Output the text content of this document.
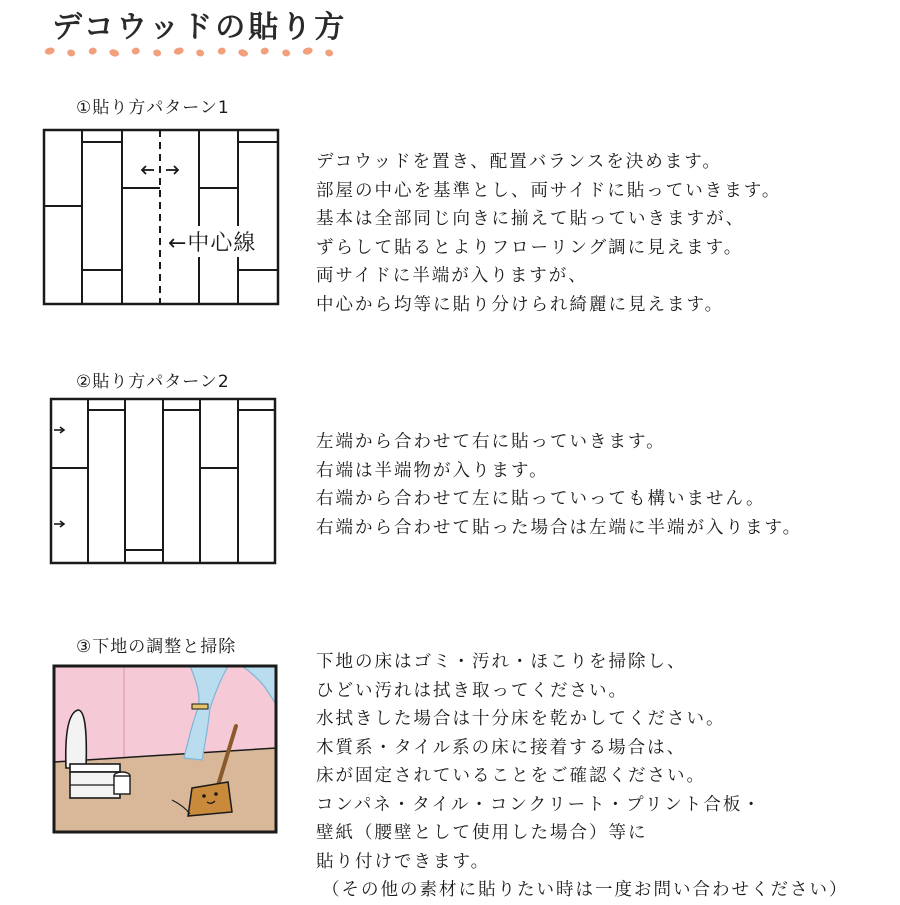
デコウッドの貼り方
①貼り方パターン1
←中心線
デコウッドを置き、配置バランスを決めます。
部屋の中心を基準とし、両サイドに貼っていきます。
基本は全部同じ向きに揃えて貼っていきますが、
ずらして貼るとよりフローリング調に見えます。
両サイドに半端が入りますが、
中心から均等に貼り分けられ綺麗に見えます。
②貼り方パターン2
左端から合わせて右に貼っていきます。
右端は半端物が入ります。
右端から合わせて左に貼っていっても構いません。
右端から合わせて貼った場合は左端に半端が入ります。
③下地の調整と掃除
下地の床はゴミ・汚れ・ほこりを掃除し、
ひどい汚れは拭き取ってください。
水拭きした場合は十分床を乾かしてください。
木質系・タイル系の床に接着する場合は、
床が固定されていることをご確認ください。
コンパネ・タイル・コンクリート・プリント合板・
壁紙（腰壁として使用した場合）等に
貼り付けできます。
（その他の素材に貼りたい時は一度お問い合わせください）
